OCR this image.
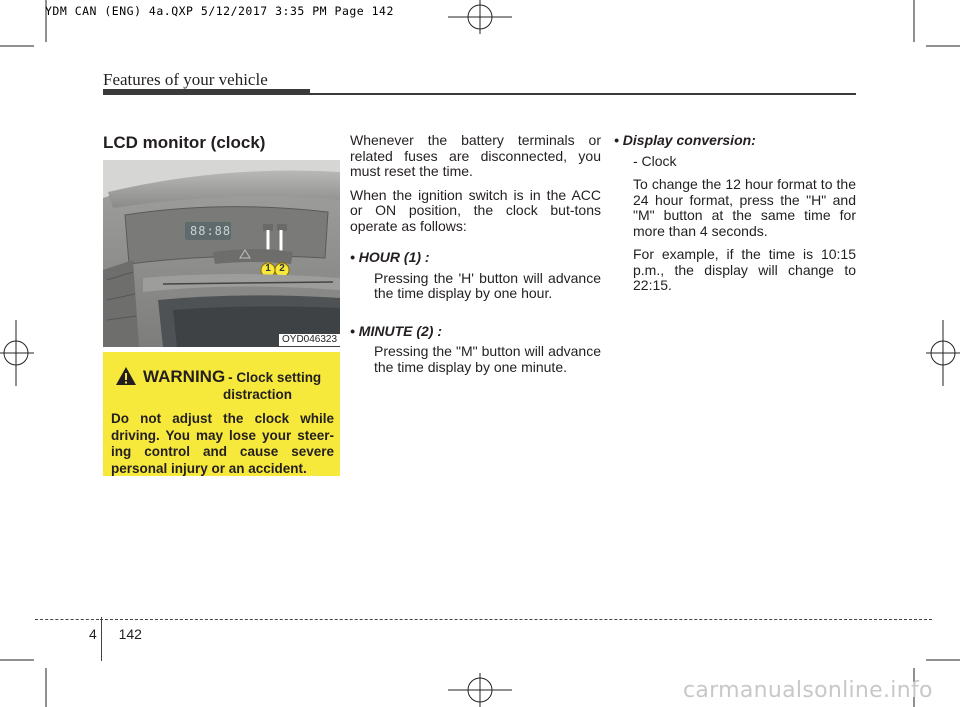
YDM CAN (ENG) 4a.QXP 5/12/2017 3:35 PM Page 142
Features of your vehicle
LCD monitor (clock)
88:88
1 2
OYD046323
WARNING - Clock setting
distraction
Do not adjust the clock while driving. You may lose your steer-ing control and cause severe personal injury or an accident.

Whenever the battery terminals or related fuses are disconnected, you must reset the time.

When the ignition switch is in the ACC or ON position, the clock but-tons operate as follows:

• HOUR (1) :

Pressing the 'H' button will advance the time display by one hour.

• MINUTE (2) :

Pressing the "M" button will advance the time display by one minute.

• Display conversion:

- Clock

To change the 12 hour format to the 24 hour format, press the "H" and "M" button at the same time for more than 4 seconds.

For example, if the time is 10:15 p.m., the display will change to 22:15.

4 142
carmanualsonline.info
